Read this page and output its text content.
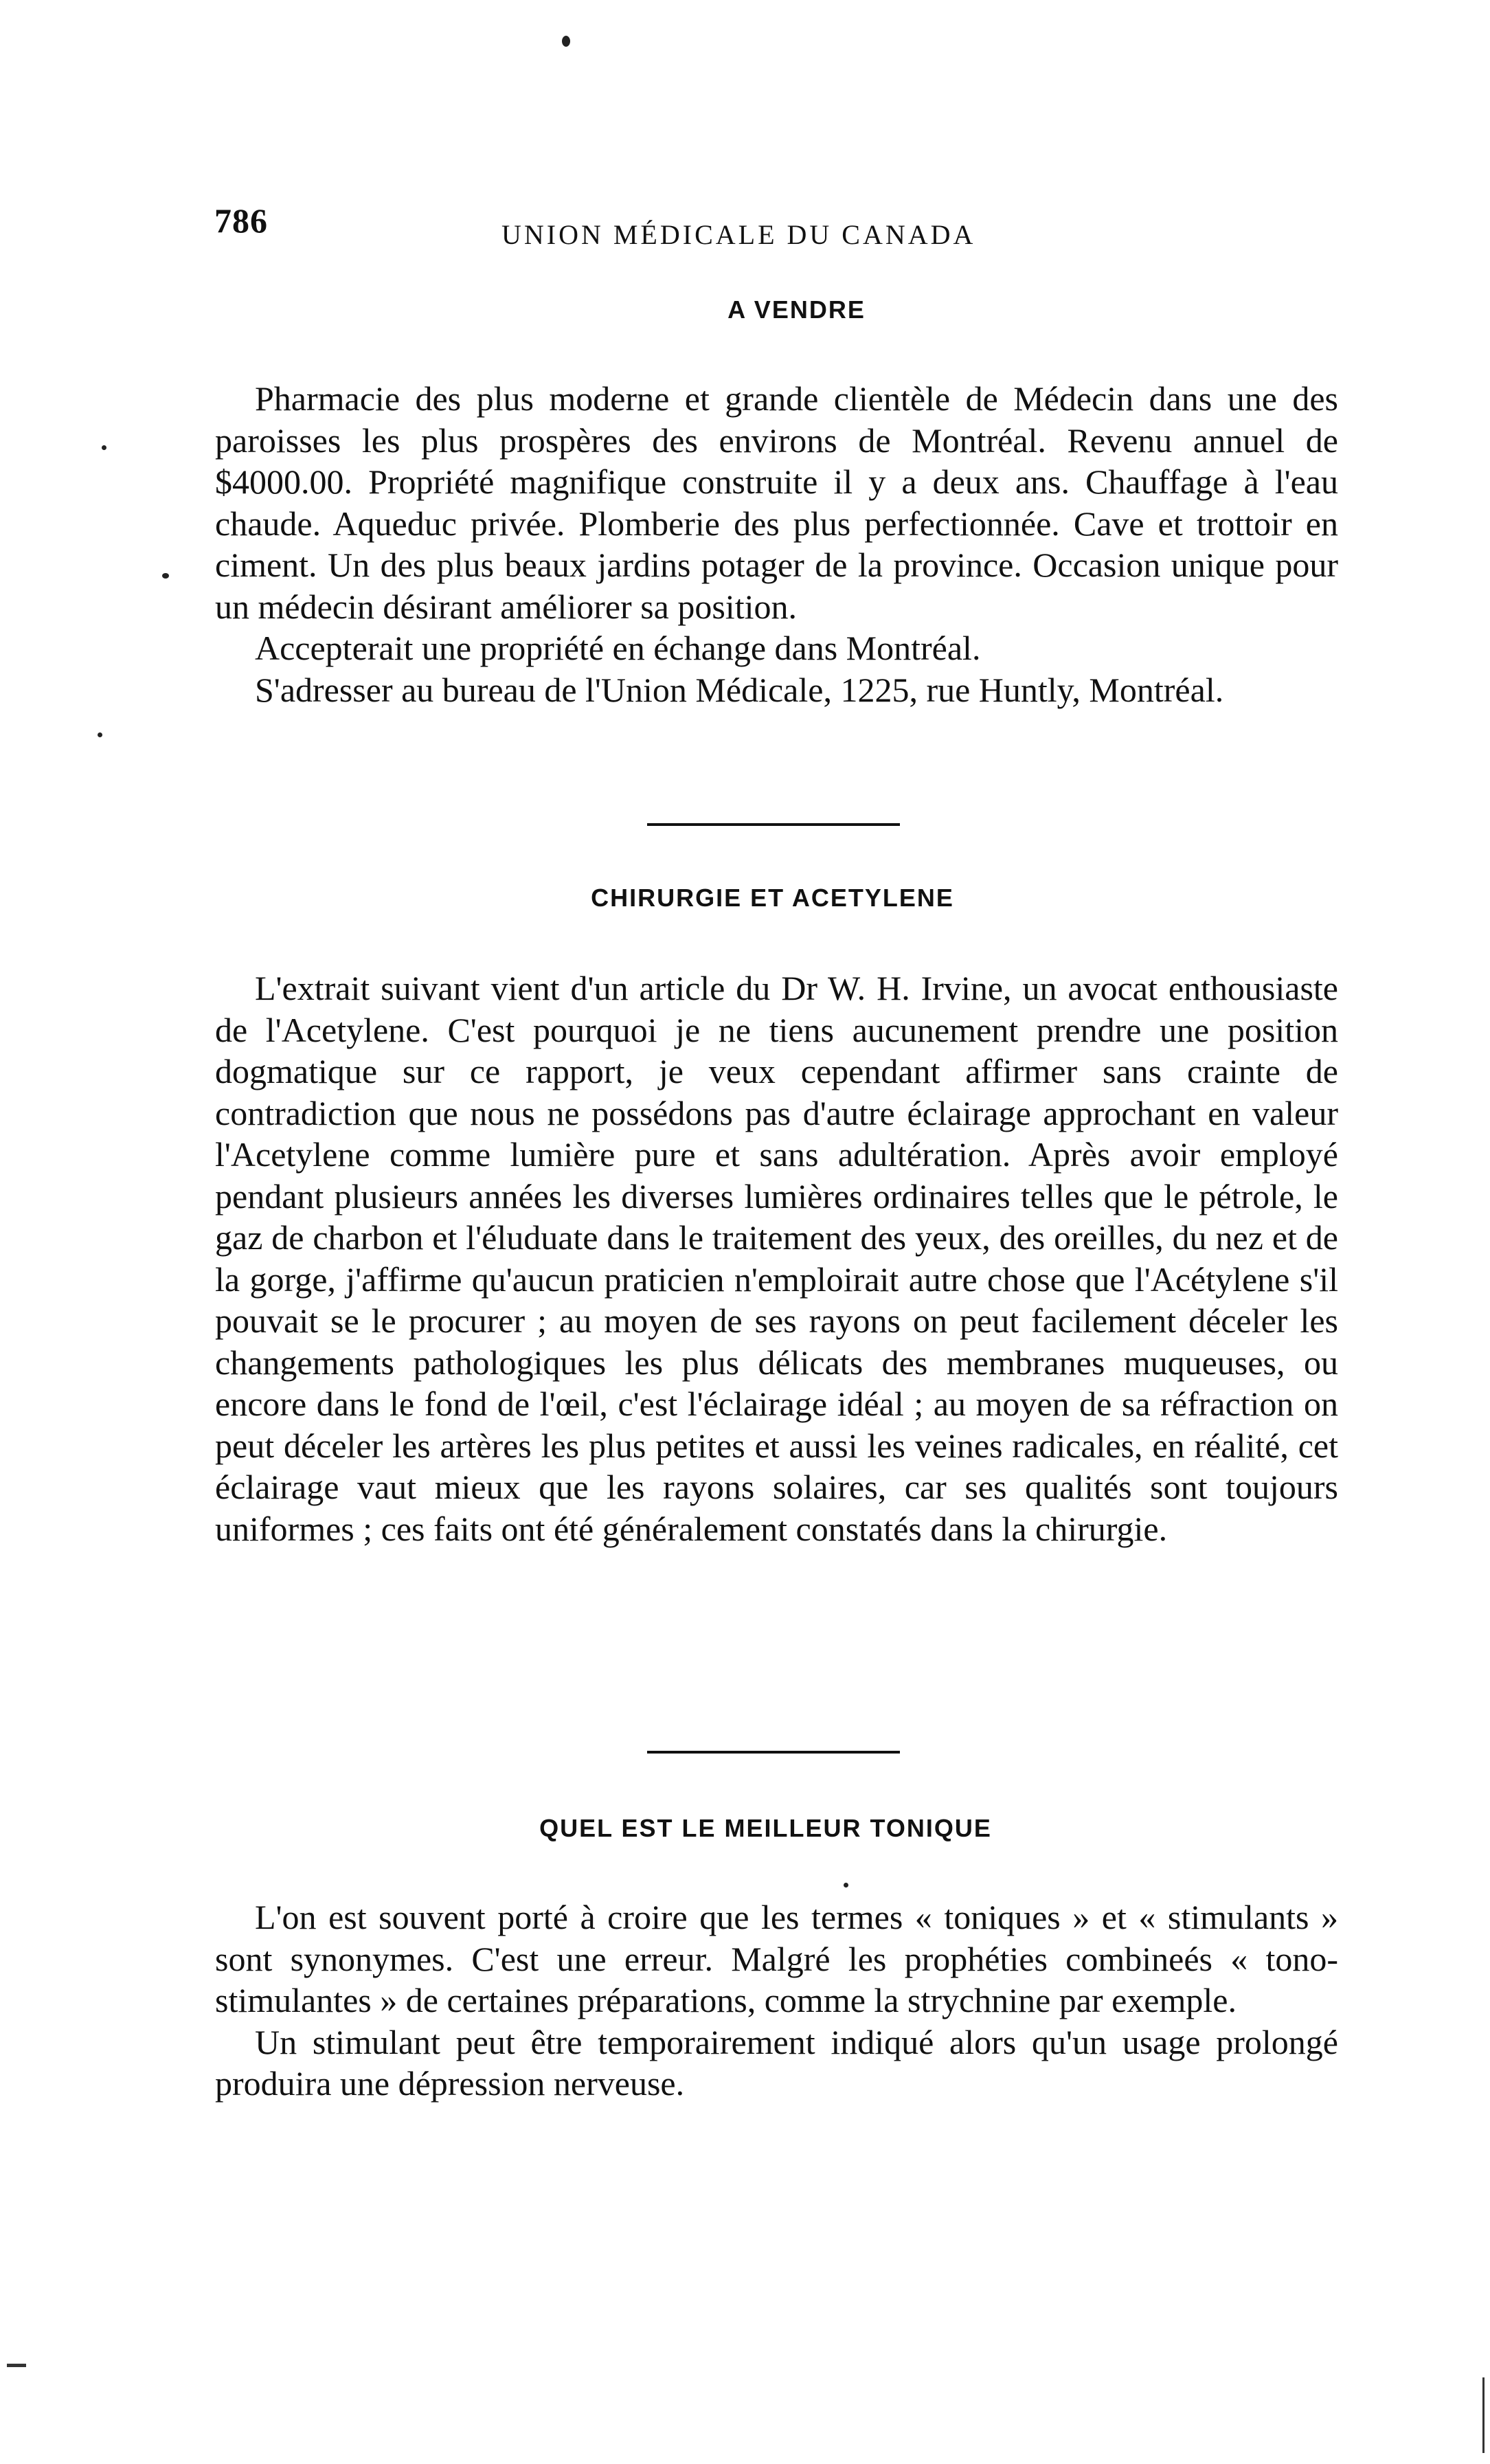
786	UNION MÉDICALE DU CANADA
A VENDRE

Pharmacie des plus moderne et grande clientèle de Médecin dans une des paroisses les plus prospères des environs de Montréal. Revenu annuel de $4000.00. Propriété magnifique construite il y a deux ans. Chauffage à l'eau chaude. Aqueduc privée. Plomberie des plus perfectionnée. Cave et trottoir en ciment. Un des plus beaux jardins potager de la province. Occasion unique pour un médecin désirant améliorer sa position.

Accepterait une propriété en échange dans Montréal.

S'adresser au bureau de l'Union Médicale, 1225, rue Huntly, Montréal.

CHIRURGIE ET ACETYLENE

L'extrait suivant vient d'un article du Dr W. H. Irvine, un avocat enthousiaste de l'Acetylene. C'est pourquoi je ne tiens aucunement prendre une position dogmatique sur ce rapport, je veux cependant affirmer sans crainte de contradiction que nous ne possédons pas d'autre éclairage approchant en valeur l'Acetylene comme lumière pure et sans adultération. Après avoir employé pendant plusieurs années les diverses lumières ordinaires telles que le pétrole, le gaz de charbon et l'éluduate dans le traitement des yeux, des oreilles, du nez et de la gorge, j'affirme qu'aucun praticien n'emploirait autre chose que l'Acétylene s'il pouvait se le procurer ; au moyen de ses rayons on peut facilement déceler les changements pathologiques les plus délicats des membranes muqueuses, ou encore dans le fond de l'œil, c'est l'éclairage idéal ; au moyen de sa réfraction on peut déceler les artères les plus petites et aussi les veines radicales, en réalité, cet éclairage vaut mieux que les rayons solaires, car ses qualités sont toujours uniformes ; ces faits ont été généralement constatés dans la chirurgie.

QUEL EST LE MEILLEUR TONIQUE

L'on est souvent porté à croire que les termes « toniques » et « stimulants » sont synonymes. C'est une erreur. Malgré les prophéties combineés « tono-stimulantes » de certaines préparations, comme la strychnine par exemple.

Un stimulant peut être temporairement indiqué alors qu'un usage prolongé produira une dépression nerveuse.
